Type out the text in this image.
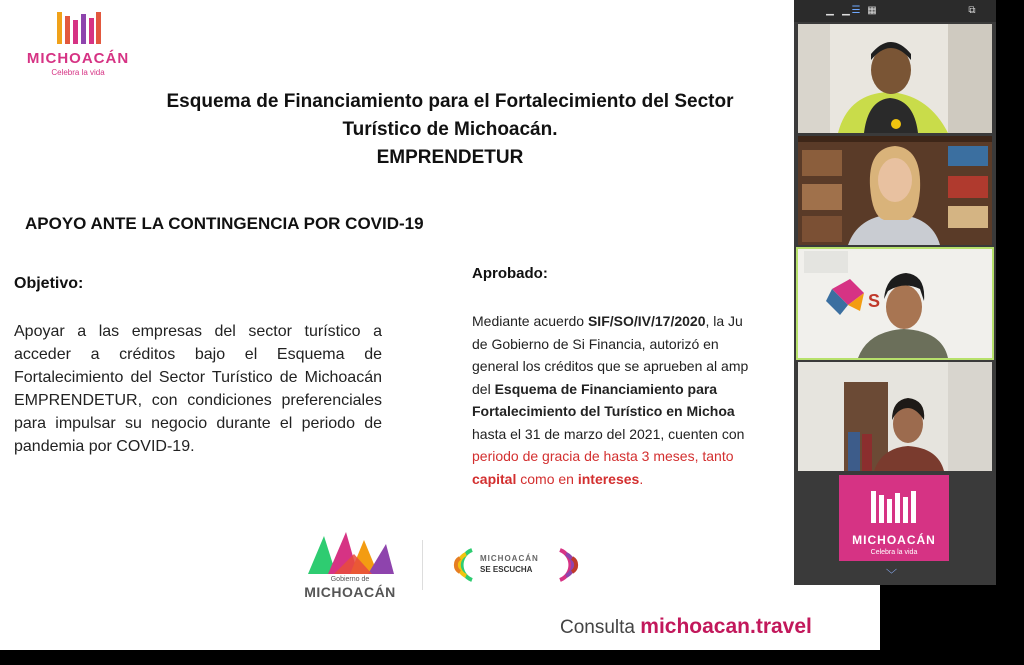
MICHOACÁN
Celebra la vida
Esquema de Financiamiento para el Fortalecimiento del Sector
Turístico de Michoacán.
EMPRENDETUR
APOYO ANTE LA CONTINGENCIA POR COVID-19
Objetivo:
Apoyar a las empresas del sector turístico a acceder a créditos bajo el Esquema de Fortalecimiento del Sector Turístico de Michoacán EMPRENDETUR, con condiciones preferenciales para impulsar su negocio durante el periodo de pandemia por COVID-19.
Aprobado:
Mediante acuerdo SIF/SO/IV/17/2020, la Ju
de Gobierno de Si Financia, autorizó en
general los créditos que se aprueben al amp
del Esquema de Financiamiento para
Fortalecimiento del Turístico en Michoa
hasta el 31 de marzo del 2021, cuenten con
periodo de gracia de hasta 3 meses, tanto
capital como en intereses.
Gobierno de
MICHOACÁN
MICHOACÁN
SE ESCUCHA
Consulta michoacan.travel
▁ ▁ ☰ ▦	⧉
S
MICHOACÁN
Celebra la vida
﹀
